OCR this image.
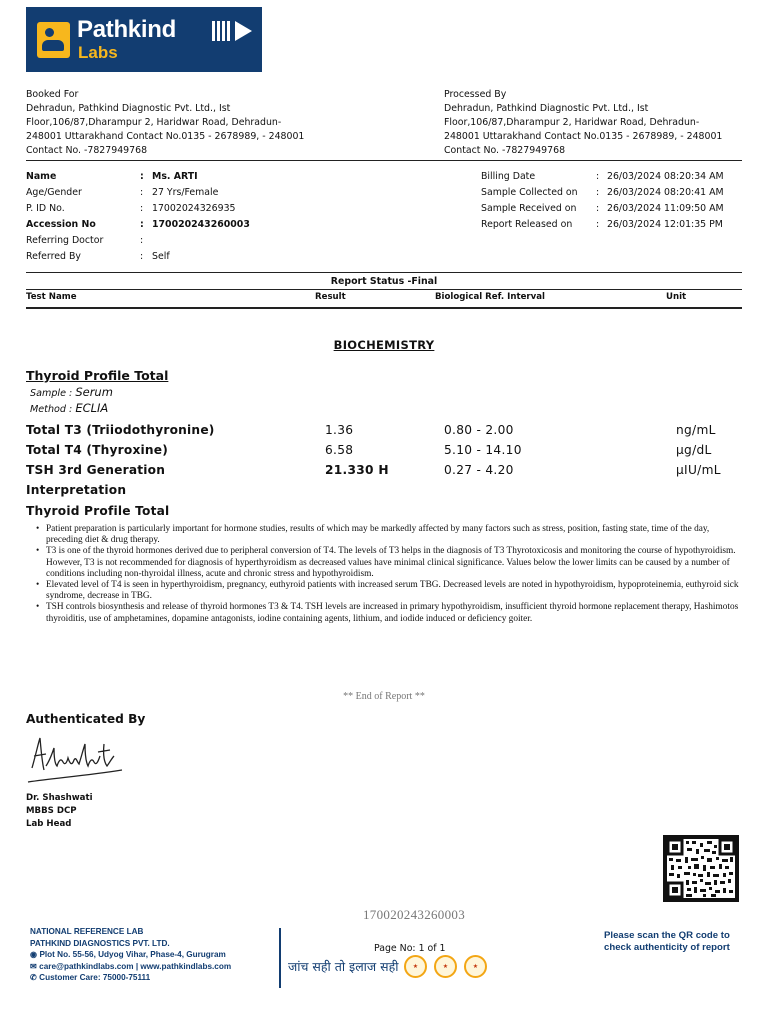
Pathkind
Labs
Booked For
Dehradun, Pathkind Diagnostic Pvt. Ltd., Ist
Floor,106/87,Dharampur 2, Haridwar Road, Dehradun-
248001 Uttarakhand Contact No.0135 - 2678989, - 248001
Contact No. -7827949768
Processed By
Dehradun, Pathkind Diagnostic Pvt. Ltd., Ist
Floor,106/87,Dharampur 2, Haridwar Road, Dehradun-
248001 Uttarakhand Contact No.0135 - 2678989, - 248001
Contact No. -7827949768
Name	: Ms. ARTI
Age/Gender	: 27 Yrs/Female
P. ID No.	: 17002024326935
Accession No	: 170020243260003
Referring Doctor	:
Referred By	: Self
Billing Date	: 26/03/2024 08:20:34 AM
Sample Collected on : 26/03/2024 08:20:41 AM
Sample Received on : 26/03/2024 11:09:50 AM
Report Released on	: 26/03/2024 12:01:35 PM
Report Status -Final
Test Name	Result	Biological Ref. Interval	Unit
BIOCHEMISTRY
Thyroid Profile Total
Sample : Serum
Method : ECLIA
Total T3 (Triiodothyronine)	1.36	0.80 - 2.00	ng/mL
Total T4 (Thyroxine)	6.58	5.10 - 14.10	µg/dL
TSH 3rd Generation	21.330 H	0.27 - 4.20	µIU/mL
Interpretation
Thyroid Profile Total
• Patient preparation is particularly important for hormone studies, results of which may be markedly affected by many factors such as stress, position, fasting state, time of the day, preceding diet & drug therapy.
• T3 is one of the thyroid hormones derived due to peripheral conversion of T4. The levels of T3 helps in the diagnosis of T3 Thyrotoxicosis and monitoring the course of hypothyroidism. However, T3 is not recommended for diagnosis of hyperthyroidism as decreased values have minimal clinical significance. Values below the lower limits can be caused by a number of conditions including non-thyroidal illness, acute and chronic stress and hypothyroidism.
• Elevated level of T4 is seen in hyperthyroidism, pregnancy, euthyroid patients with increased serum TBG. Decreased levels are noted in hypothyroidism, hypoproteinemia, euthyroid sick syndrome, decrease in TBG.
• TSH controls biosynthesis and release of thyroid hormones T3 & T4. TSH levels are increased in primary hypothyroidism, insufficient thyroid hormone replacement therapy, Hashimotos thyroiditis, use of amphetamines, dopamine antagonists, iodine containing agents, lithium, and iodide induced or deficiency goiter.
** End of Report **
Authenticated By
Dr. Shashwati
MBBS DCP
Lab Head
170020243260003
NATIONAL REFERENCE LAB
PATHKIND DIAGNOSTICS PVT. LTD.
◉ Plot No. 55-56, Udyog Vihar, Phase-4, Gurugram
✉ care@pathkindlabs.com | www.pathkindlabs.com
✆ Customer Care: 75000-75111
Page No: 1 of 1
जांच सही तो इलाज सही	★	★	★
Please scan the QR code to
check authenticity of report
